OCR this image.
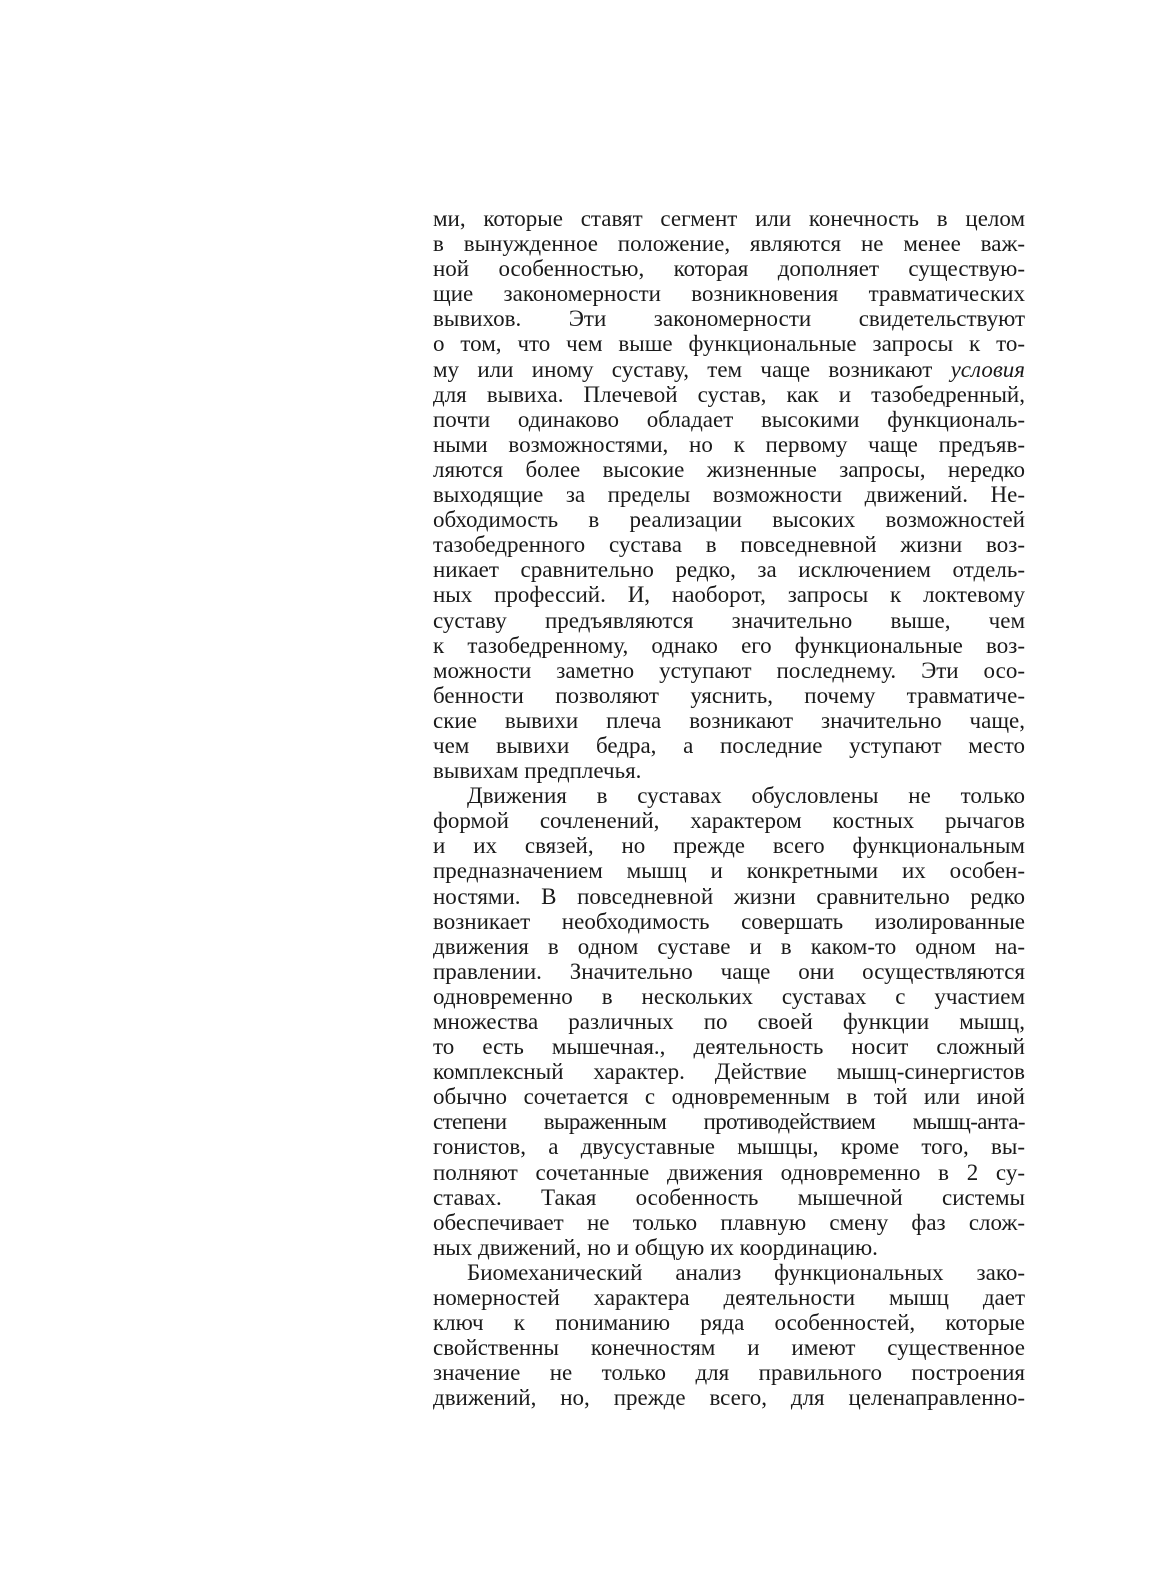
ми, которые ставят сегмент или конечность в целом
в вынужденное положение, являются не менее важ-
ной особенностью, которая дополняет существую-
щие закономерности возникновения травматических
вывихов. Эти закономерности свидетельствуют
о том, что чем выше функциональные запросы к то-
му или иному суставу, тем чаще возникают условия
для вывиха. Плечевой сустав, как и тазобедренный,
почти одинаково обладает высокими функциональ-
ными возможностями, но к первому чаще предъяв-
ляются более высокие жизненные запросы, нередко
выходящие за пределы возможности движений. Не-
обходимость в реализации высоких возможностей
тазобедренного сустава в повседневной жизни воз-
никает сравнительно редко, за исключением отдель-
ных профессий. И, наоборот, запросы к локтевому
суставу предъявляются значительно выше, чем
к тазобедренному, однако его функциональные воз-
можности заметно уступают последнему. Эти осо-
бенности позволяют уяснить, почему травматиче-
ские вывихи плеча возникают значительно чаще,
чем вывихи бедра, а последние уступают место
вывихам предплечья.
Движения в суставах обусловлены не только
формой сочленений, характером костных рычагов
и их связей, но прежде всего функциональным
предназначением мышц и конкретными их особен-
ностями. В повседневной жизни сравнительно редко
возникает необходимость совершать изолированные
движения в одном суставе и в каком-то одном на-
правлении. Значительно чаще они осуществляются
одновременно в нескольких суставах с участием
множества различных по своей функции мышц,
то есть мышечная., деятельность носит сложный
комплексный характер. Действие мышц-синергистов
обычно сочетается с одновременным в той или иной
степени выраженным противодействием мышц-анта-
гонистов, а двусуставные мышцы, кроме того, вы-
полняют сочетанные движения одновременно в 2 су-
ставах. Такая особенность мышечной системы
обеспечивает не только плавную смену фаз слож-
ных движений, но и общую их координацию.
Биомеханический анализ функциональных зако-
номерностей характера деятельности мышц дает
ключ к пониманию ряда особенностей, которые
свойственны конечностям и имеют существенное
значение не только для правильного построения
движений, но, прежде всего, для целенаправленно-
